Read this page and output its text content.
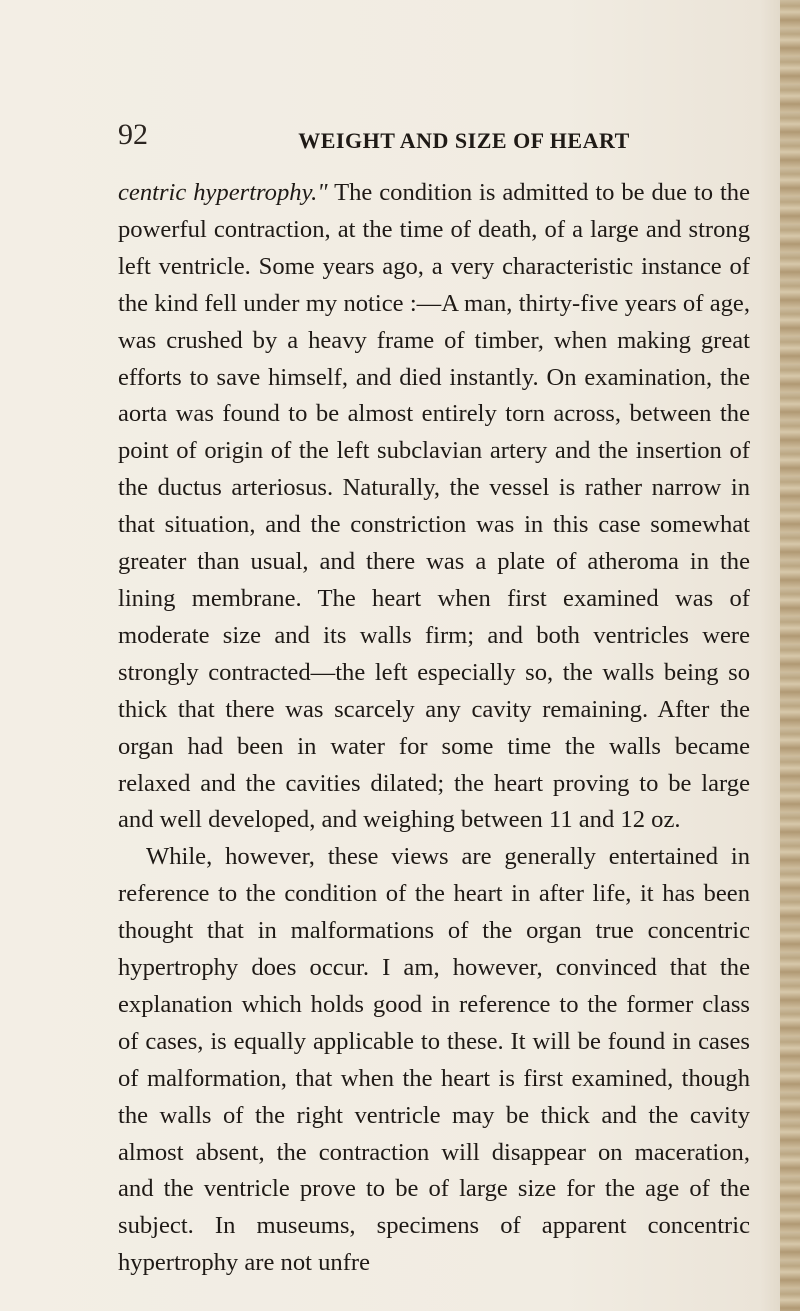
92	WEIGHT AND SIZE OF HEART

centric hypertrophy." The condition is admitted to be due to the powerful contraction, at the time of death, of a large and strong left ventricle. Some years ago, a very characteristic instance of the kind fell under my notice :—A man, thirty-five years of age, was crushed by a heavy frame of timber, when making great efforts to save himself, and died instantly. On examination, the aorta was found to be almost entirely torn across, between the point of origin of the left subclavian artery and the insertion of the ductus arteriosus. Naturally, the vessel is rather narrow in that situation, and the constriction was in this case somewhat greater than usual, and there was a plate of atheroma in the lining membrane. The heart when first examined was of moderate size and its walls firm; and both ventricles were strongly contracted—the left especially so, the walls being so thick that there was scarcely any cavity remaining. After the organ had been in water for some time the walls became relaxed and the cavities dilated; the heart proving to be large and well developed, and weighing between 11 and 12 oz.

While, however, these views are generally entertained in reference to the condition of the heart in after life, it has been thought that in malformations of the organ true concentric hypertrophy does occur. I am, however, convinced that the explanation which holds good in reference to the former class of cases, is equally applicable to these. It will be found in cases of malformation, that when the heart is first examined, though the walls of the right ventricle may be thick and the cavity almost absent, the contraction will disappear on maceration, and the ventricle prove to be of large size for the age of the subject. In museums, specimens of apparent concentric hypertrophy are not unfre
